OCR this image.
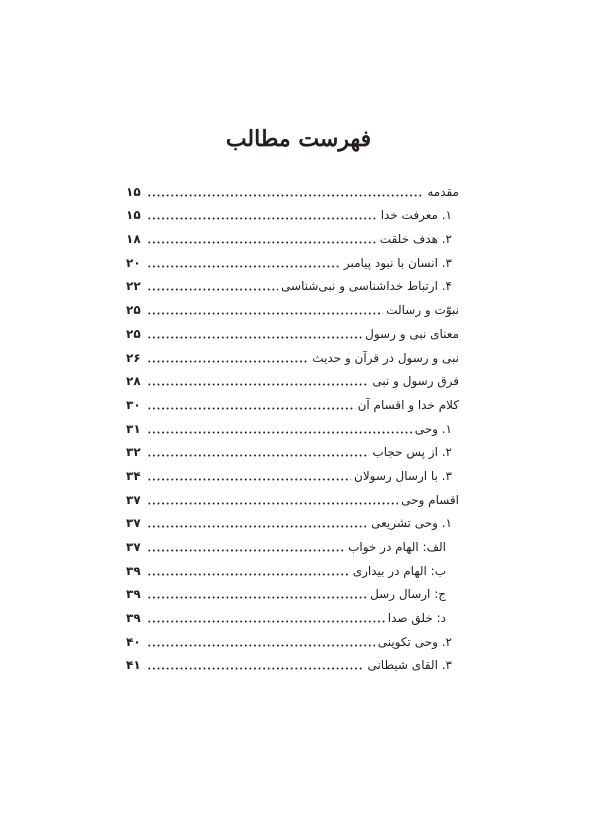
فهرست مطالب
مقدمه
۱۵
۱. معرفت خدا
۱۵
۲. هدف خلقت
۱۸
۳. انسان با نبود پیامبر
۲۰
۴. ارتباط خداشناسی و نبی‌شناسی
۲۲
نبوّت و رسالت
۲۵
معنای نبی و رسول
۲۵
نبی و رسول در قرآن و حدیث
۲۶
فرق رسول و نبی
۲۸
کلام خدا و اقسام آن
۳۰
۱. وحی
۳۱
۲. از پس حجاب
۳۲
۳. با ارسال رسولان
۳۴
اقسام وحی
۳۷
۱. وحی تشریعی
۳۷
الف: الهام در خواب
۳۷
ب: الهام در بیداری
۳۹
ج: ارسال رسل
۳۹
د: خلق صدا
۳۹
۲. وحی تکوینی
۴۰
۳. القای شیطانی
۴۱
